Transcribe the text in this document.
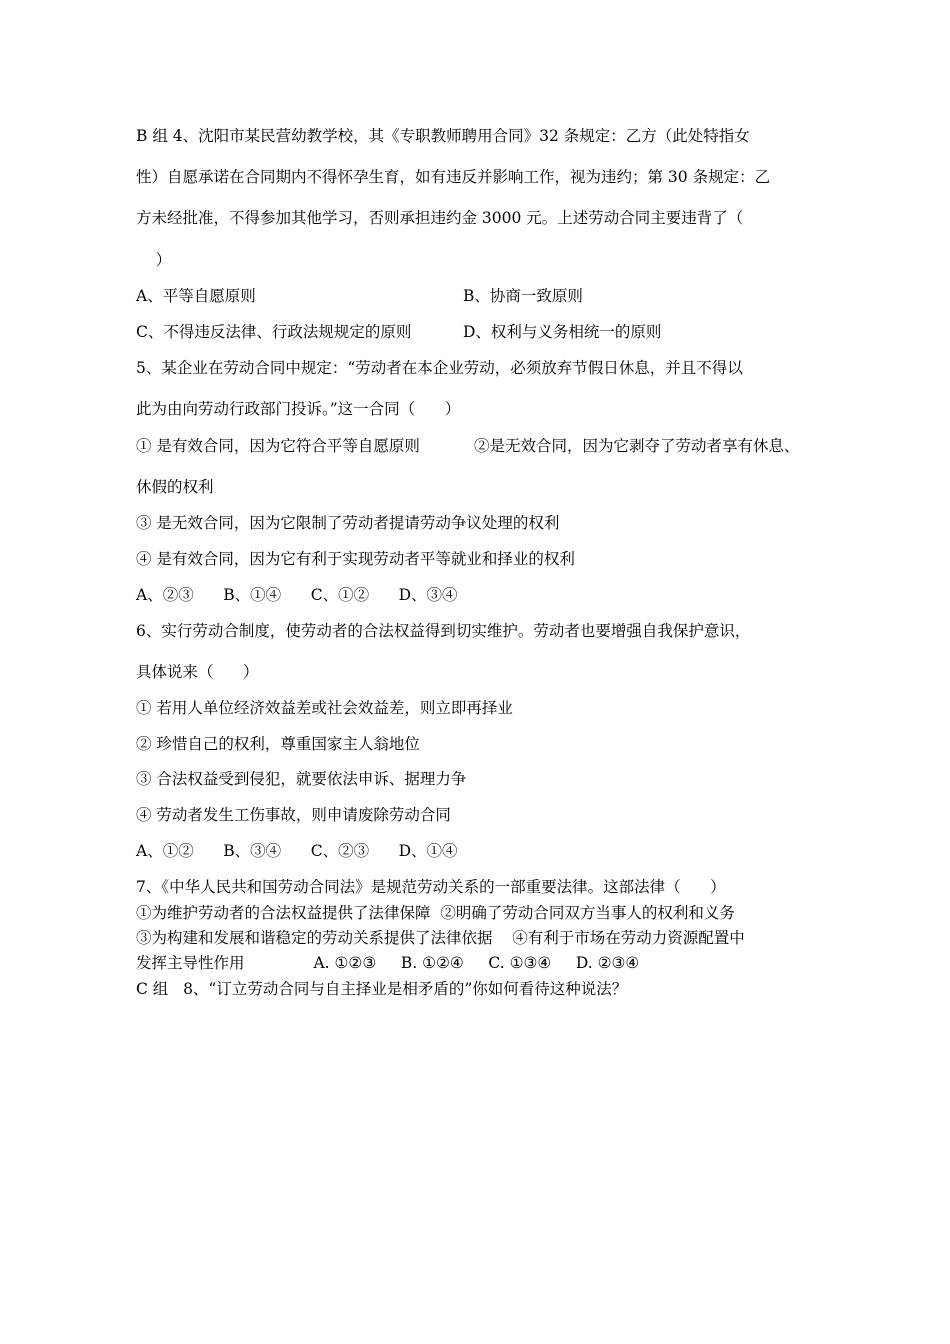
B 组 4、沈阳市某民营幼教学校，其《专职教师聘用合同》32 条规定：乙方（此处特指女
性）自愿承诺在合同期内不得怀孕生育，如有违反并影响工作，视为违约；第 30 条规定：乙
方未经批准，不得参加其他学习，否则承担违约金 3000 元。上述劳动合同主要违背了（
）
A、平等自愿原则	B、协商一致原则
C、不得违反法律、行政法规规定的原则	D、权利与义务相统一的原则
5、某企业在劳动合同中规定：“劳动者在本企业劳动，必须放弃节假日休息，并且不得以
此为由向劳动行政部门投诉。”这一合同（      ）
① 是有效合同，因为它符合平等自愿原则	②是无效合同，因为它剥夺了劳动者享有休息、
休假的权利
③ 是无效合同，因为它限制了劳动者提请劳动争议处理的权利
④ 是有效合同，因为它有利于实现劳动者平等就业和择业的权利
A、②③      B、①④      C、①②      D、③④
6、实行劳动合制度，使劳动者的合法权益得到切实维护。劳动者也要增强自我保护意识，
具体说来（      ）
① 若用人单位经济效益差或社会效益差，则立即再择业
② 珍惜自己的权利，尊重国家主人翁地位
③ 合法权益受到侵犯，就要依法申诉、据理力争
④ 劳动者发生工伤事故，则申请废除劳动合同
A、①②      B、③④      C、②③      D、①④
7、《中华人民共和国劳动合同法》是规范劳动关系的一部重要法律。这部法律（      ）
①为维护劳动者的合法权益提供了法律保障  ②明确了劳动合同双方当事人的权利和义务
③为构建和发展和谐稳定的劳动关系提供了法律依据    ④有利于市场在劳动力资源配置中
发挥主导性作用              A. ①②③     B. ①②④     C. ①③④     D. ②③④
C 组   8、“订立劳动合同与自主择业是相矛盾的”你如何看待这种说法？
